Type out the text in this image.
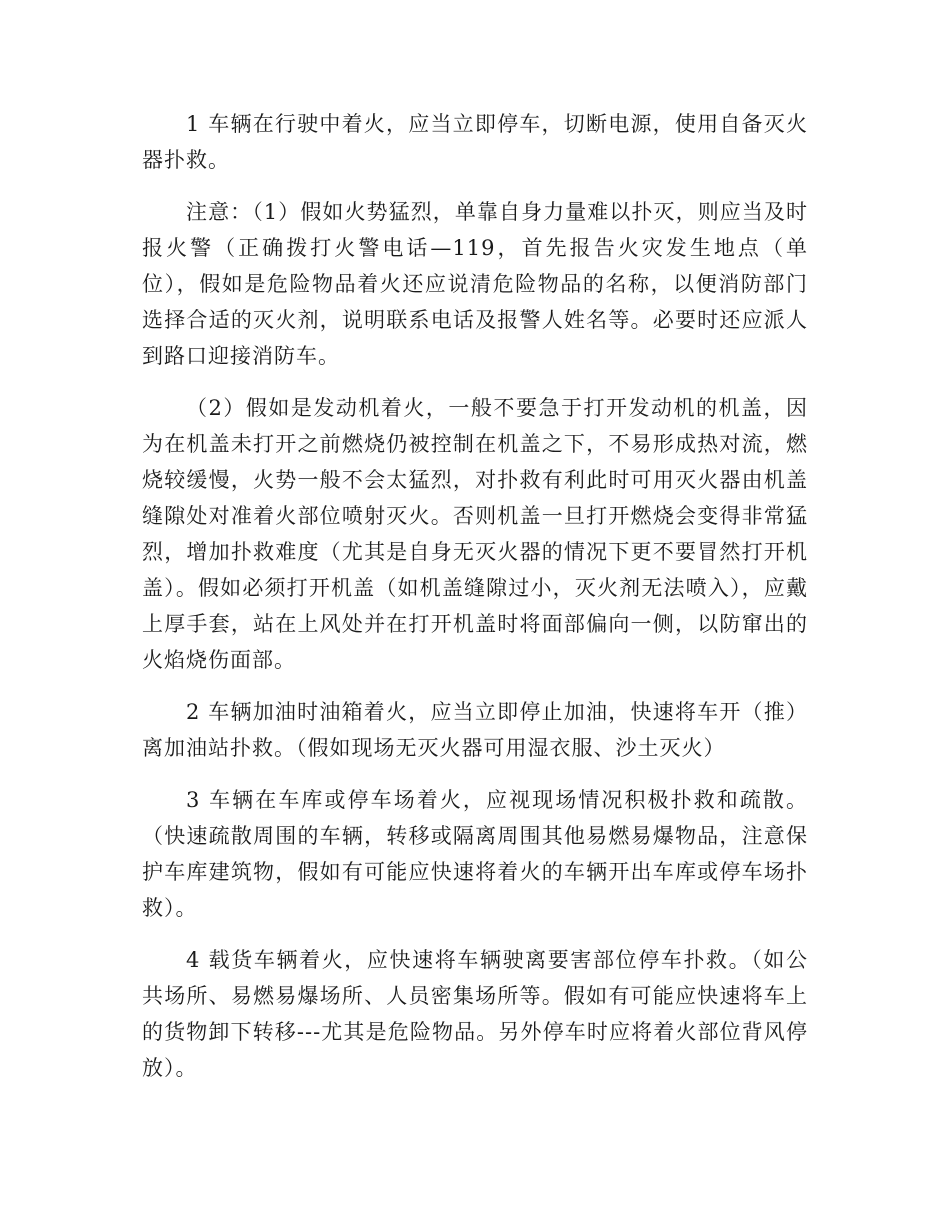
1 车辆在行驶中着火，应当立即停车，切断电源，使用自备灭火器扑救。

注意：（1）假如火势猛烈，单靠自身力量难以扑灭，则应当及时报火警（正确拨打火警电话—119，首先报告火灾发生地点（单位），假如是危险物品着火还应说清危险物品的名称，以便消防部门选择合适的灭火剂，说明联系电话及报警人姓名等。必要时还应派人到路口迎接消防车。

（2）假如是发动机着火，一般不要急于打开发动机的机盖，因为在机盖未打开之前燃烧仍被控制在机盖之下，不易形成热对流，燃烧较缓慢，火势一般不会太猛烈，对扑救有利此时可用灭火器由机盖缝隙处对准着火部位喷射灭火。否则机盖一旦打开燃烧会变得非常猛烈，增加扑救难度（尤其是自身无灭火器的情况下更不要冒然打开机盖）。假如必须打开机盖（如机盖缝隙过小，灭火剂无法喷入），应戴上厚手套，站在上风处并在打开机盖时将面部偏向一侧，以防窜出的火焰烧伤面部。

2 车辆加油时油箱着火，应当立即停止加油，快速将车开（推）离加油站扑救。（假如现场无灭火器可用湿衣服、沙土灭火）

3 车辆在车库或停车场着火，应视现场情况积极扑救和疏散。（快速疏散周围的车辆，转移或隔离周围其他易燃易爆物品，注意保护车库建筑物，假如有可能应快速将着火的车辆开出车库或停车场扑救）。

4 载货车辆着火，应快速将车辆驶离要害部位停车扑救。（如公共场所、易燃易爆场所、人员密集场所等。假如有可能应快速将车上的货物卸下转移---尤其是危险物品。另外停车时应将着火部位背风停放）。
